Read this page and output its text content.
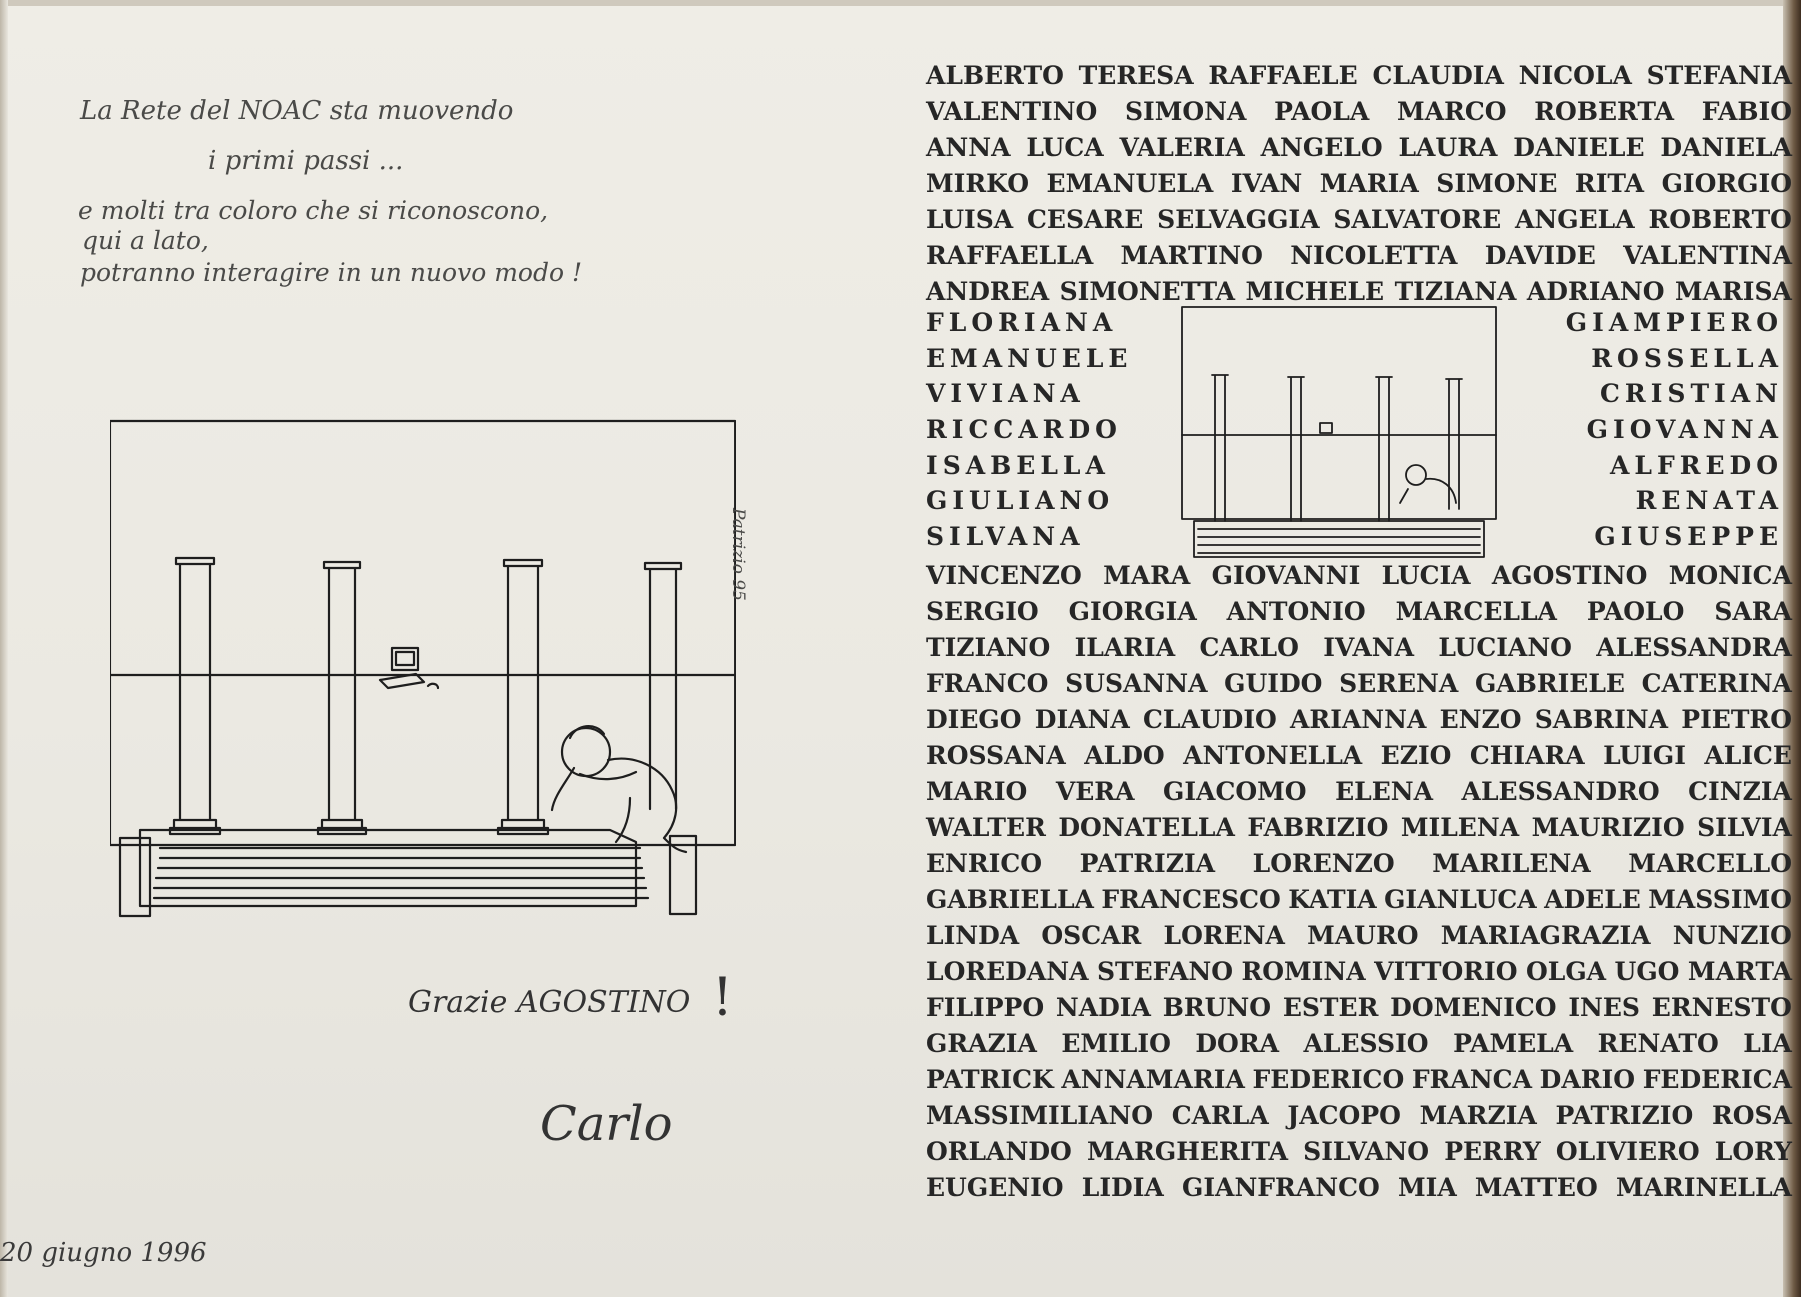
La Rete del NOAC sta muovendo
i primi passi ...
e molti tra coloro che si riconoscono,
qui a lato,
potranno interagire in un nuovo modo !
Patrizio 95
ALBERTO TERESA RAFFAELE CLAUDIA NICOLA STEFANIA
VALENTINO SIMONA PAOLA MARCO ROBERTA FABIO
ANNA LUCA VALERIA ANGELO LAURA DANIELE DANIELA
MIRKO EMANUELA IVAN MARIA SIMONE RITA GIORGIO
LUISA CESARE SELVAGGIA SALVATORE ANGELA ROBERTO
RAFFAELLA MARTINO NICOLETTA DAVIDE VALENTINA
ANDREA SIMONETTA MICHELE TIZIANA ADRIANO MARISA
FLORIANA
EMANUELE
VIVIANA
RICCARDO
ISABELLA
GIULIANO
SILVANA
GIAMPIERO
ROSSELLA
CRISTIAN
GIOVANNA
ALFREDO
RENATA
GIUSEPPE
VINCENZO MARA GIOVANNI LUCIA AGOSTINO MONICA
SERGIO GIORGIA ANTONIO MARCELLA PAOLO SARA
TIZIANO ILARIA CARLO IVANA LUCIANO ALESSANDRA
FRANCO SUSANNA GUIDO SERENA GABRIELE CATERINA
DIEGO DIANA CLAUDIO ARIANNA ENZO SABRINA PIETRO
ROSSANA ALDO ANTONELLA EZIO CHIARA LUIGI ALICE
MARIO VERA GIACOMO ELENA ALESSANDRO CINZIA
WALTER DONATELLA FABRIZIO MILENA MAURIZIO SILVIA
ENRICO PATRIZIA LORENZO MARILENA MARCELLO
GABRIELLA FRANCESCO KATIA GIANLUCA ADELE MASSIMO
LINDA OSCAR LORENA MAURO MARIAGRAZIA NUNZIO
LOREDANA STEFANO ROMINA VITTORIO OLGA UGO MARTA
FILIPPO NADIA BRUNO ESTER DOMENICO INES ERNESTO
GRAZIA EMILIO DORA ALESSIO PAMELA RENATO LIA
PATRICK ANNAMARIA FEDERICO FRANCA DARIO FEDERICA
MASSIMILIANO CARLA JACOPO MARZIA PATRIZIO ROSA
ORLANDO MARGHERITA SILVANO PERRY OLIVIERO LORY
EUGENIO LIDIA GIANFRANCO MIA MATTEO MARINELLA
Grazie AGOSTINO !
Carlo
20 giugno 1996
